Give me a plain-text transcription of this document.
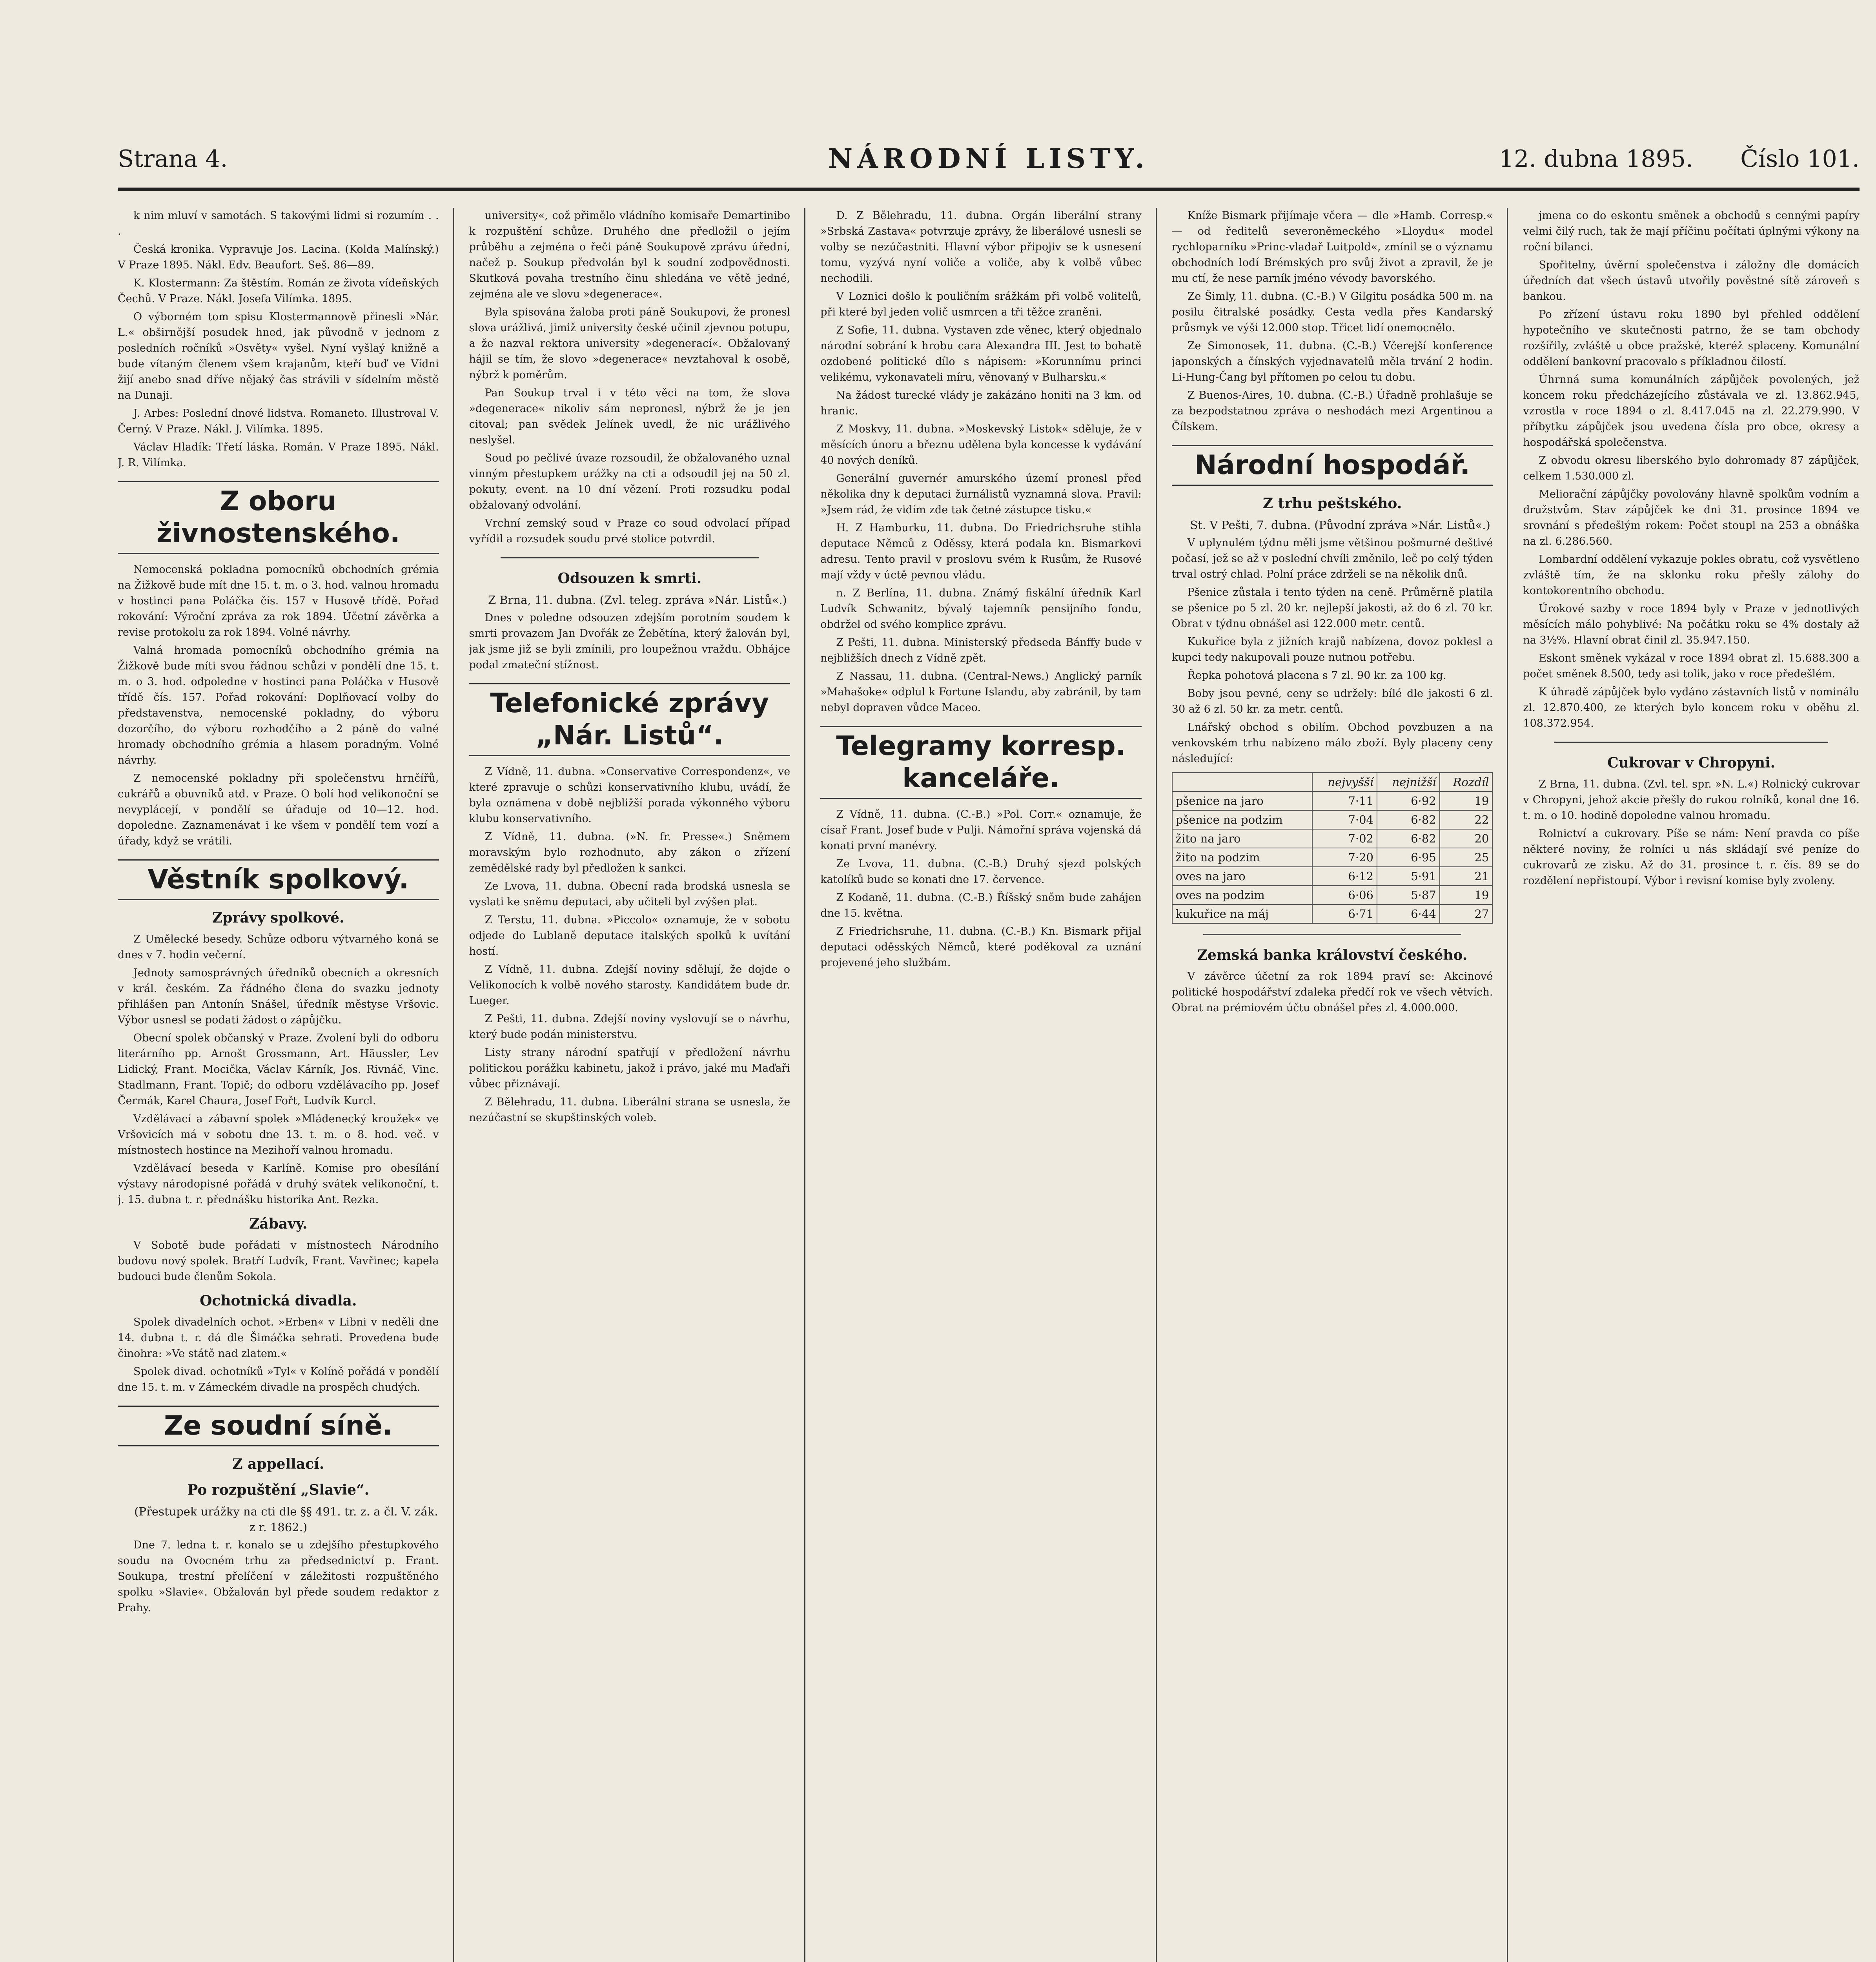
Strana 4.	NÁRODNÍ LISTY.	12. dubna 1895. Číslo 101.

k nim mluví v samotách. S takovými lidmi si rozumím . . .

Česká kronika. Vypravuje Jos. Lacina. (Kolda Malínský.) V Praze 1895. Nákl. Edv. Beaufort. Seš. 86—89.

K. Klostermann: Za štěstím. Román ze života vídeňských Čechů. V Praze. Nákl. Josefa Vilímka. 1895.

O výborném tom spisu Klostermannově přinesli »Nár. L.« obširnější posudek hned, jak původně v jednom z posledních ročníků »Osvěty« vyšel. Nyní vyšlaý knižně a bude vítaným členem všem krajanům, kteří buď ve Vídni žijí anebo snad dříve nějaký čas strávili v sídelním městě na Dunaji.

J. Arbes: Poslední dnové lidstva. Romaneto. Illustroval V. Černý. V Praze. Nákl. J. Vilímka. 1895.

Václav Hladík: Třetí láska. Román. V Praze 1895. Nákl. J. R. Vilímka.

Z oboru živnostenského.

Nemocenská pokladna pomocníků obchodních grémia na Žižkově bude mít dne 15. t. m. o 3. hod. valnou hromadu v hostinci pana Poláčka čís. 157 v Husově třídě. Pořad rokování: Výroční zpráva za rok 1894. Účetní závěrka a revise protokolu za rok 1894. Volné návrhy.

Valná hromada pomocníků obchodního grémia na Žižkově bude míti svou řádnou schůzi v pondělí dne 15. t. m. o 3. hod. odpoledne v hostinci pana Poláčka v Husově třídě čís. 157. Pořad rokování: Doplňovací volby do představenstva, nemocenské pokladny, do výboru dozorčího, do výboru rozhodčího a 2 páně do valné hromady obchodního grémia a hlasem poradným. Volné návrhy.

Z nemocenské pokladny při společenstvu hrnčířů, cukrářů a obuvníků atd. v Praze. O bolí hod velikonoční se nevyplácejí, v pondělí se úřaduje od 10—12. hod. dopoledne. Zaznamenávat i ke všem v pondělí tem vozí a úřady, když se vrátili.

Věstník spolkový.
Zprávy spolkové.

Z Umělecké besedy. Schůze odboru výtvarného koná se dnes v 7. hodin večerní.

Jednoty samosprávných úředníků obecních a okresních v král. českém. Za řádného člena do svazku jednoty přihlášen pan Antonín Snášel, úředník městyse Vršovic. Výbor usnesl se podati žádost o zápůjčku.

Obecní spolek občanský v Praze. Zvolení byli do odboru literárního pp. Arnošt Grossmann, Art. Häussler, Lev Lidický, Frant. Mocička, Václav Kárník, Jos. Rivnáč, Vinc. Stadlmann, Frant. Topič; do odboru vzdělávacího pp. Josef Čermák, Karel Chaura, Josef Fořt, Ludvík Kurcl.

Vzdělávací a zábavní spolek »Mládenecký kroužek« ve Vršovicích má v sobotu dne 13. t. m. o 8. hod. več. v místnostech hostince na Mezihoří valnou hromadu.

Vzdělávací beseda v Karlíně. Komise pro obesílání výstavy národopisné pořádá v druhý svátek velikonoční, t. j. 15. dubna t. r. přednášku historika Ant. Rezka.

Zábavy.

V Sobotě bude pořádati v místnostech Národního budovu nový spolek. Bratří Ludvík, Frant. Vavřinec; kapela budouci bude členům Sokola.

Ochotnická divadla.

Spolek divadelních ochot. »Erben« v Libni v neděli dne 14. dubna t. r. dá dle Šimáčka sehrati. Provedena bude činohra: »Ve státě nad zlatem.«

Spolek divad. ochotníků »Tyl« v Kolíně pořádá v pondělí dne 15. t. m. v Zámeckém divadle na prospěch chudých.

Ze soudní síně.
Z appellací.
Po rozpuštění „Slavie“.

(Přestupek urážky na cti dle §§ 491. tr. z. a čl. V. zák. z r. 1862.)

Dne 7. ledna t. r. konalo se u zdejšího přestupkového soudu na Ovocném trhu za předsednictví p. Frant. Soukupa, trestní přelíčení v záležitosti rozpuštěného spolku »Slavie«. Obžalován byl přede soudem redaktor z Prahy.

university«, což přimělo vládního komisaře Demartinibo k rozpuštění schůze. Druhého dne předložil o jejím průběhu a zejména o řeči páně Soukupově zprávu úřední, načež p. Soukup předvolán byl k soudní zodpovědnosti. Skutková povaha trestního činu shledána ve větě jedné, zejména ale ve slovu »degenerace«.

Byla spisována žaloba proti páně Soukupovi, že pronesl slova urážlivá, jimiž university české učinil zjevnou potupu, a že nazval rektora university »degenerací«. Obžalovaný hájil se tím, že slovo »degenerace« nevztahoval k osobě, nýbrž k poměrům.

Pan Soukup trval i v této věci na tom, že slova »degenerace« nikoliv sám nepronesl, nýbrž že je jen citoval; pan svědek Jelínek uvedl, že nic urážlivého neslyšel.

Soud po pečlivé úvaze rozsoudil, že obžalovaného uznal vinným přestupkem urážky na cti a odsoudil jej na 50 zl. pokuty, event. na 10 dní vězení. Proti rozsudku podal obžalovaný odvolání.

Vrchní zemský soud v Praze co soud odvolací případ vyřídil a rozsudek soudu prvé stolice potvrdil.

Odsouzen k smrti.

Z Brna, 11. dubna. (Zvl. teleg. zpráva »Nár. Listů«.)

Dnes v poledne odsouzen zdejším porotním soudem k smrti provazem Jan Dvořák ze Žebětína, který žalován byl, jak jsme již se byli zmínili, pro loupežnou vraždu. Obhájce podal zmateční stížnost.

Telefonické zprávy „Nár. Listů“.

Z Vídně, 11. dubna. »Conservative Correspondenz«, ve které zpravuje o schůzi konservativního klubu, uvádí, že byla oznámena v době nejbližší porada výkonného výboru klubu konservativního.

Z Vídně, 11. dubna. (»N. fr. Presse«.) Sněmem moravským bylo rozhodnuto, aby zákon o zřízení zemědělské rady byl předložen k sankci.

Ze Lvova, 11. dubna. Obecní rada brodská usnesla se vyslati ke sněmu deputaci, aby učiteli byl zvýšen plat.

Z Terstu, 11. dubna. »Piccolo« oznamuje, že v sobotu odjede do Lublaně deputace italských spolků k uvítání hostí.

Z Vídně, 11. dubna. Zdejší noviny sdělují, že dojde o Velikonocích k volbě nového starosty. Kandidátem bude dr. Lueger.

Z Pešti, 11. dubna. Zdejší noviny vyslovují se o návrhu, který bude podán ministerstvu.

Listy strany národní spatřují v předložení návrhu politickou porážku kabinetu, jakož i právo, jaké mu Maďaři vůbec přiznávají.

Z Bělehradu, 11. dubna. Liberální strana se usnesla, že nezúčastní se skupštinských voleb.

D. Z Bělehradu, 11. dubna. Orgán liberální strany »Srbská Zastava« potvrzuje zprávy, že liberálové usnesli se volby se nezúčastniti. Hlavní výbor připojiv se k usnesení tomu, vyzývá nyní voliče a voliče, aby k volbě vůbec nechodili.

V Loznici došlo k pouličním srážkám při volbě volitelů, při které byl jeden volič usmrcen a tři těžce zraněni.

Z Sofie, 11. dubna. Vystaven zde věnec, který objednalo národní sobrání k hrobu cara Alexandra III. Jest to bohatě ozdobené politické dílo s nápisem: »Korunnímu princi velikému, vykonavateli míru, věnovaný v Bulharsku.«

Na žádost turecké vlády je zakázáno honiti na 3 km. od hranic.

Z Moskvy, 11. dubna. »Moskevský Listok« sděluje, že v měsících únoru a březnu udělena byla koncesse k vydávání 40 nových deníků.

Generální guvernér amurského území pronesl před několika dny k deputaci žurnálistů vyznamná slova. Pravil: »Jsem rád, že vidím zde tak četné zástupce tisku.«

H. Z Hamburku, 11. dubna. Do Friedrichsruhe stihla deputace Němců z Oděssy, která podala kn. Bismarkovi adresu. Tento pravil v proslovu svém k Rusům, že Rusové mají vždy v úctě pevnou vládu.

n. Z Berlína, 11. dubna. Známý fiskální úředník Karl Ludvík Schwanitz, bývalý tajemník pensijního fondu, obdržel od svého komplice zprávu.

Z Pešti, 11. dubna. Ministerský předseda Bánffy bude v nejbližších dnech z Vídně zpět.

Z Nassau, 11. dubna. (Central-News.) Anglický parník »Mahašoke« odplul k Fortune Islandu, aby zabránil, by tam nebyl dopraven vůdce Maceo.

Telegramy korresp. kanceláře.

Z Vídně, 11. dubna. (C.-B.) »Pol. Corr.« oznamuje, že císař Frant. Josef bude v Pulji. Námořní správa vojenská dá konati první manévry.

Ze Lvova, 11. dubna. (C.-B.) Druhý sjezd polských katolíků bude se konati dne 17. července.

Z Kodaně, 11. dubna. (C.-B.) Říšský sněm bude zahájen dne 15. května.

Z Friedrichsruhe, 11. dubna. (C.-B.) Kn. Bismark přijal deputaci oděsských Němců, které poděkoval za uznání projevené jeho službám.

Kníže Bismark přijímaje včera — dle »Hamb. Corresp.« — od ředitelů severoněmeckého »Lloydu« model rychloparníku »Princ-vladař Luitpold«, zmínil se o významu obchodních lodí Brémských pro svůj život a zpravil, že je mu ctí, že nese parník jméno vévody bavorského.

Ze Šimly, 11. dubna. (C.-B.) V Gilgitu posádka 500 m. na posilu čitralské posádky. Cesta vedla přes Kandarský průsmyk ve výši 12.000 stop. Třicet lidí onemocnělo.

Ze Simonosek, 11. dubna. (C.-B.) Včerejší konference japonských a čínských vyjednavatelů měla trvání 2 hodin. Li-Hung-Čang byl přítomen po celou tu dobu.

Z Buenos-Aires, 10. dubna. (C.-B.) Úřadně prohlašuje se za bezpodstatnou zpráva o neshodách mezi Argentinou a Čílskem.

Národní hospodář.
Z trhu peštského.

St. V Pešti, 7. dubna. (Původní zpráva »Nár. Listů«.)

V uplynulém týdnu měli jsme většinou pošmurné deštivé počasí, jež se až v poslední chvíli změnilo, leč po celý týden trval ostrý chlad. Polní práce zdrželi se na několik dnů.

Pšenice zůstala i tento týden na ceně. Průměrně platila se pšenice po 5 zl. 20 kr. nejlepší jakosti, až do 6 zl. 70 kr. Obrat v týdnu obnášel asi 122.000 metr. centů.

Kukuřice byla z jižních krajů nabízena, dovoz poklesl a kupci tedy nakupovali pouze nutnou potřebu.

Řepka pohotová placena s 7 zl. 90 kr. za 100 kg.

Boby jsou pevné, ceny se udržely: bílé dle jakosti 6 zl. 30 až 6 zl. 50 kr. za metr. centů.

Lnářský obchod s obilím. Obchod povzbuzen a na venkovském trhu nabízeno málo zboží. Byly placeny ceny následující:

	nejvyšší	nejnižší	Rozdíl
pšenice na jaro	7·11	6·92	19
pšenice na podzim	7·04	6·82	22
žito na jaro	7·02	6·82	20
žito na podzim	7·20	6·95	25
oves na jaro	6·12	5·91	21
oves na podzim	6·06	5·87	19
kukuřice na máj	6·71	6·44	27
Zemská banka království českého.

V závěrce účetní za rok 1894 praví se: Akcinové politické hospodářství zdaleka předčí rok ve všech větvích. Obrat na prémiovém účtu obnášel přes zl. 4.000.000.

jmena co do eskontu směnek a obchodů s cennými papíry velmi čilý ruch, tak že mají příčinu počítati úplnými výkony na roční bilanci.

Spořitelny, úvěrní společenstva i záložny dle domácích úředních dat všech ústavů utvořily pověstné sítě zároveň s bankou.

Po zřízení ústavu roku 1890 byl přehled oddělení hypotečního ve skutečnosti patrno, že se tam obchody rozšířily, zvláště u obce pražské, kteréž splaceny. Komunální oddělení bankovní pracovalo s příkladnou čilostí.

Úhrnná suma komunálních zápůjček povolených, jež koncem roku předcházejícího zůstávala ve zl. 13.862.945, vzrostla v roce 1894 o zl. 8.417.045 na zl. 22.279.990. V příbytku zápůjček jsou uvedena čísla pro obce, okresy a hospodářská společenstva.

Z obvodu okresu liberského bylo dohromady 87 zápůjček, celkem 1.530.000 zl.

Meliorační zápůjčky povolovány hlavně spolkům vodním a družstvům. Stav zápůjček ke dni 31. prosince 1894 ve srovnání s předešlým rokem: Počet stoupl na 253 a obnáška na zl. 6.286.560.

Lombardní oddělení vykazuje pokles obratu, což vysvětleno zvláště tím, že na sklonku roku přešly zálohy do kontokorentního obchodu.

Úrokové sazby v roce 1894 byly v Praze v jednotlivých měsících málo pohyblivé: Na počátku roku se 4% dostaly až na 3½%. Hlavní obrat činil zl. 35.947.150.

Eskont směnek vykázal v roce 1894 obrat zl. 15.688.300 a počet směnek 8.500, tedy asi tolik, jako v roce předešlém.

K úhradě zápůjček bylo vydáno zástavních listů v nominálu zl. 12.870.400, ze kterých bylo koncem roku v oběhu zl. 108.372.954.

Cukrovar v Chropyni.

Z Brna, 11. dubna. (Zvl. tel. spr. »N. L.«) Rolnický cukrovar v Chropyni, jehož akcie přešly do rukou rolníků, konal dne 16. t. m. o 10. hodině dopoledne valnou hromadu.

Rolnictví a cukrovary. Píše se nám: Není pravda co píše některé noviny, že rolníci u nás skládají své peníze do cukrovarů ze zisku. Až do 31. prosince t. r. čís. 89 se do rozdělení nepřistoupí. Výbor i revisní komise byly zvoleny.
